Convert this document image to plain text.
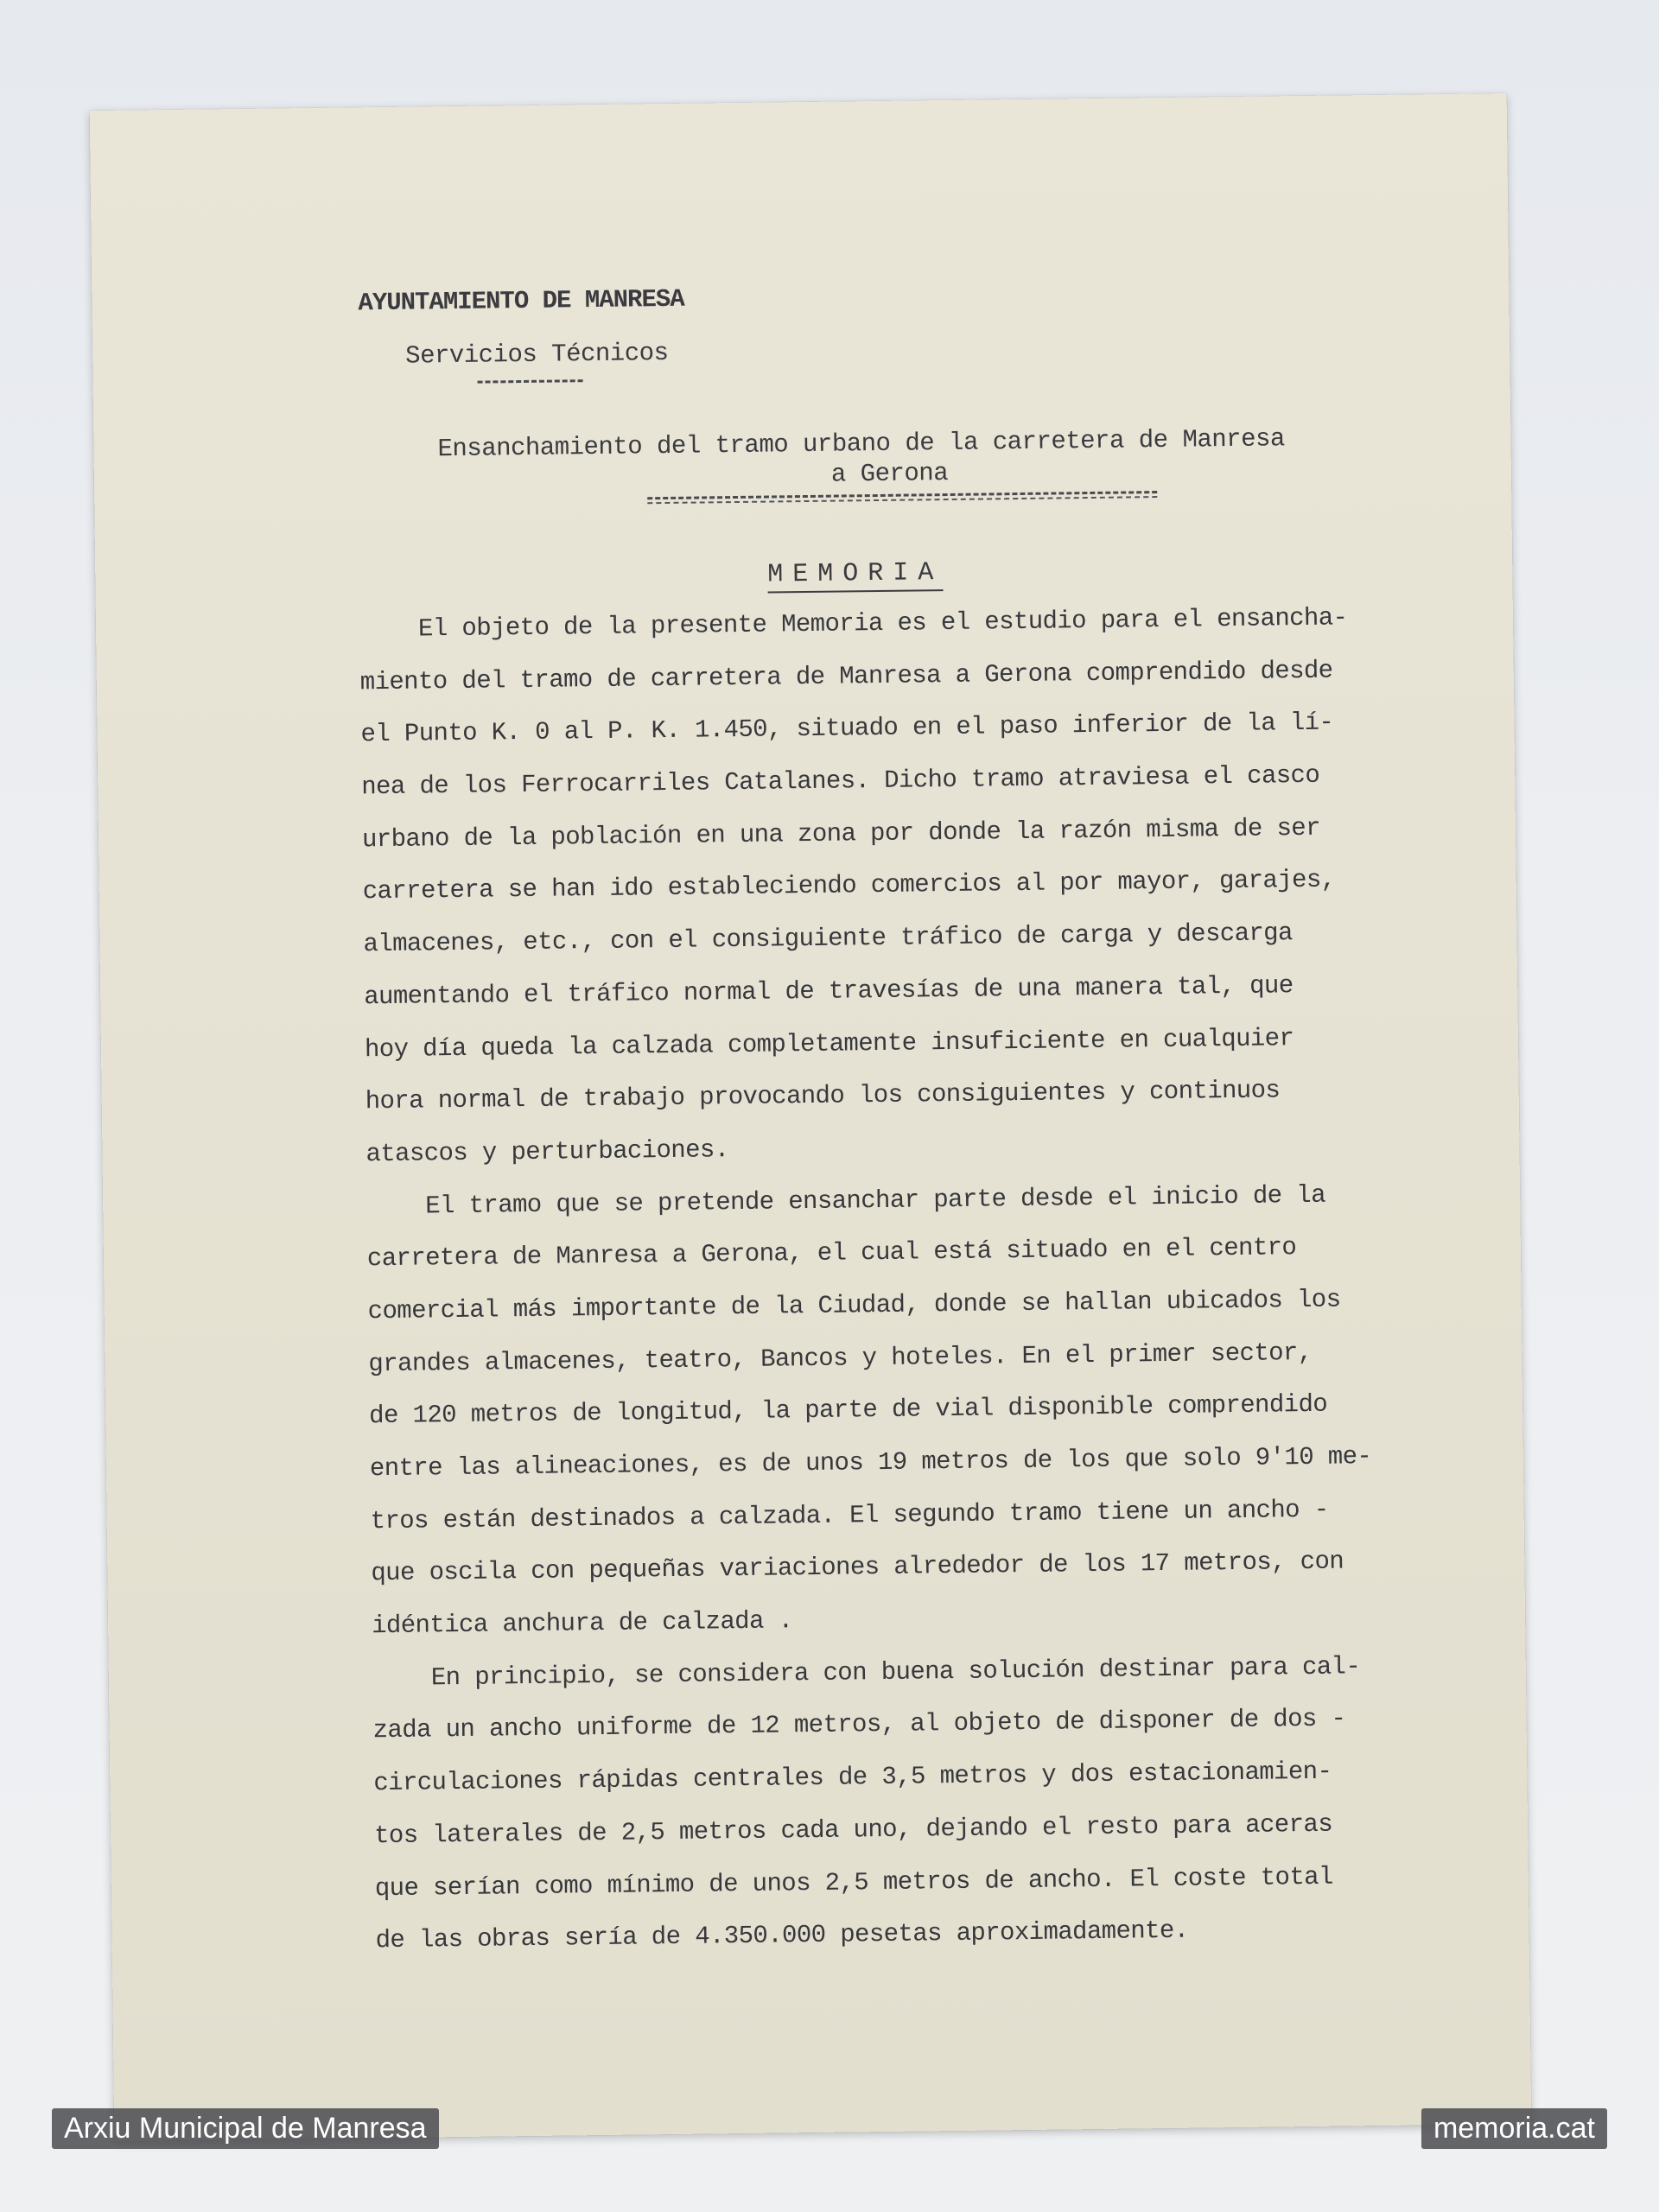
AYUNTAMIENTO DE MANRESA
Servicios Técnicos
Ensanchamiento del tramo urbano de la carretera de Manresa
a Gerona
MEMORIA
El objeto de la presente Memoria es el estudio para el ensancha-
miento del tramo de carretera de Manresa a Gerona comprendido desde
el Punto K. 0 al P. K. 1.450, situado en el paso inferior de la lí-
nea de los Ferrocarriles Catalanes. Dicho tramo atraviesa el casco
urbano de la población en una zona por donde la razón misma de ser
carretera se han ido estableciendo comercios al por mayor, garajes,
almacenes, etc., con el consiguiente tráfico de carga y descarga
aumentando el tráfico normal de travesías de una manera tal, que
hoy día queda la calzada completamente insuficiente en cualquier
hora normal de trabajo provocando los consiguientes y continuos
atascos y perturbaciones.
El tramo que se pretende ensanchar parte desde el inicio de la
carretera de Manresa a Gerona, el cual está situado en el centro
comercial más importante de la Ciudad, donde se hallan ubicados los
grandes almacenes, teatro, Bancos y hoteles. En el primer sector,
de 120 metros de longitud, la parte de vial disponible comprendido
entre las alineaciones, es de unos 19 metros de los que solo 9'10 me-
tros están destinados a calzada. El segundo tramo tiene un ancho -
que oscila con pequeñas variaciones alrededor de los 17 metros, con
idéntica anchura de calzada .
En principio, se considera con buena solución destinar para cal-
zada un ancho uniforme de 12 metros, al objeto de disponer de dos -
circulaciones rápidas centrales de 3,5 metros y dos estacionamien-
tos laterales de 2,5 metros cada uno, dejando el resto para aceras
que serían como mínimo de unos 2,5 metros de ancho. El coste total
de las obras sería de 4.350.000 pesetas aproximadamente.
Arxiu Municipal de Manresa	memoria.cat
